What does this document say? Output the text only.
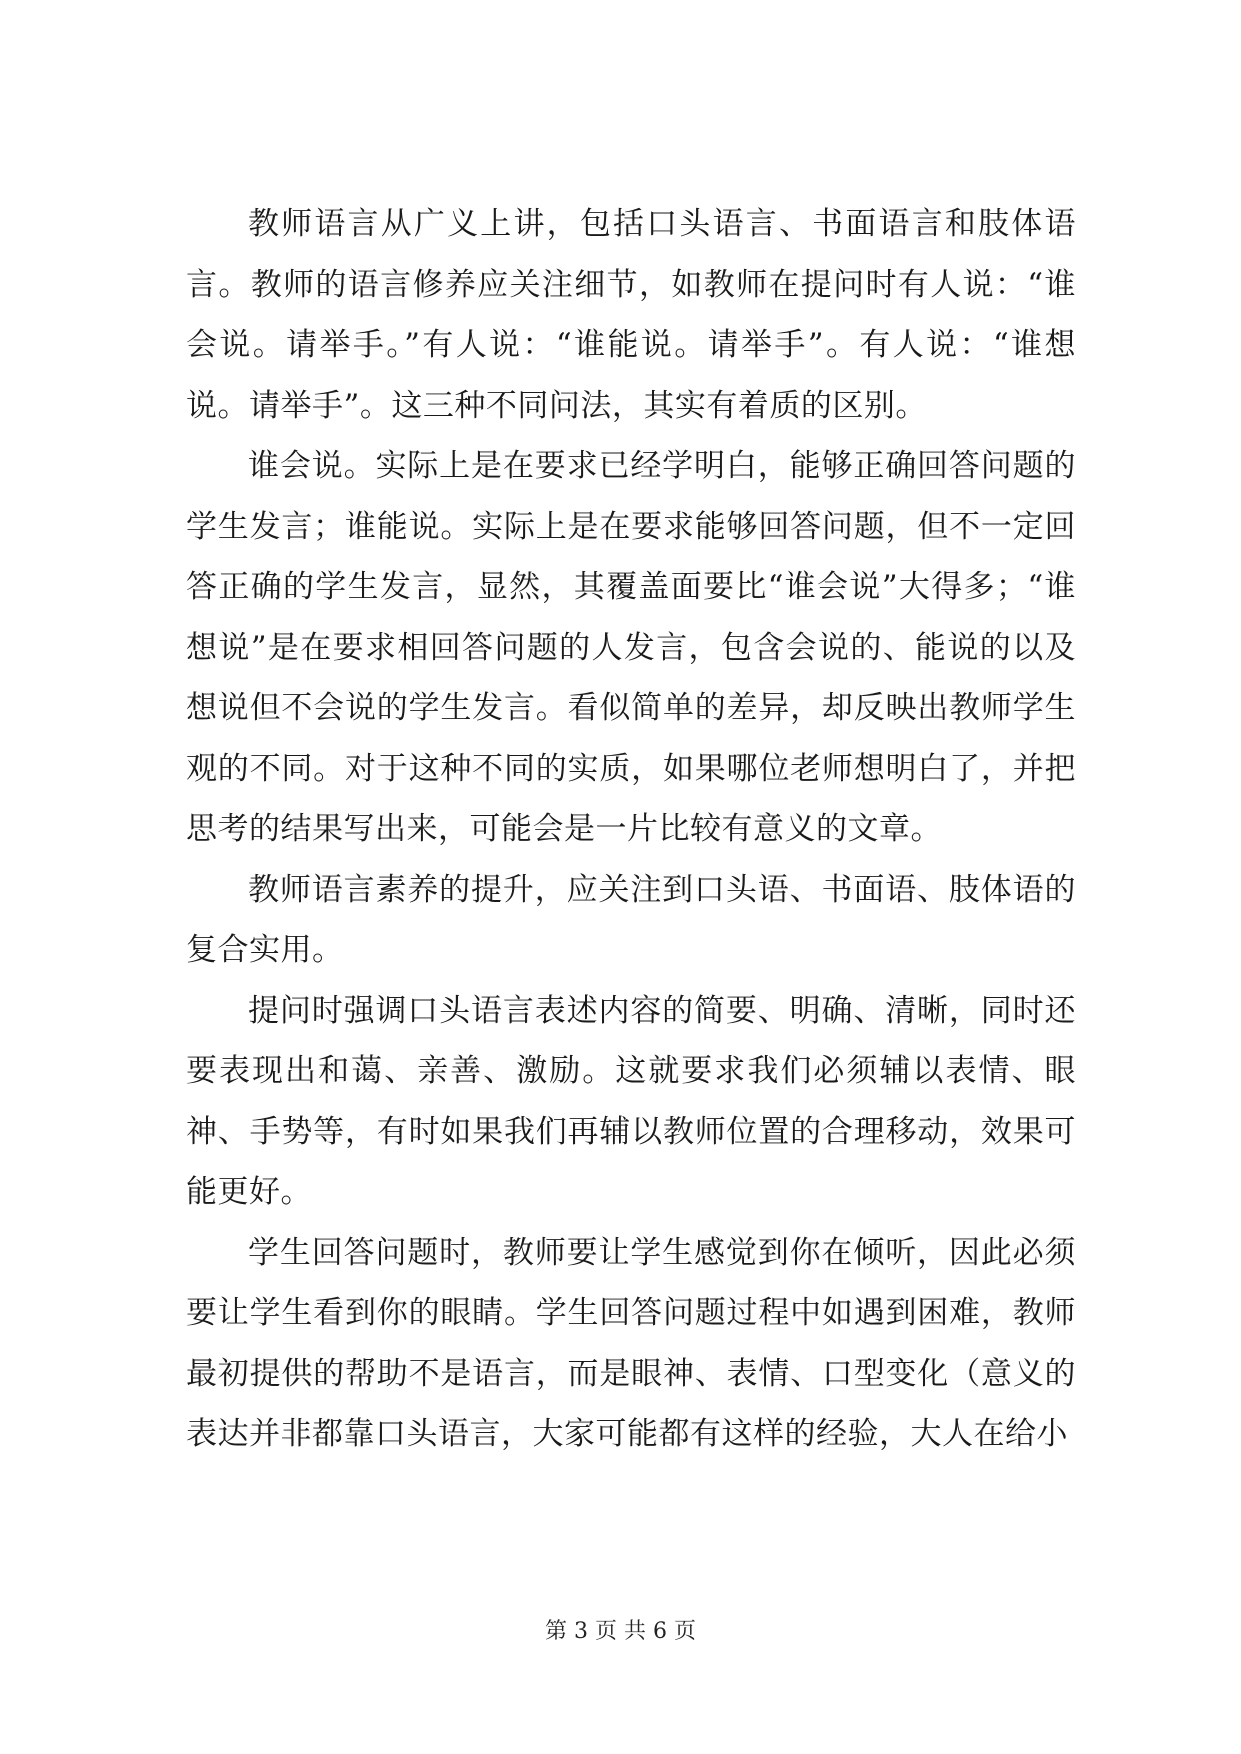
教师语言从广义上讲，包括口头语言、书面语言和肢体语言。教师的语言修养应关注细节，如教师在提问时有人说：“谁会说。请举手。”有人说：“谁能说。请举手”。有人说：“谁想说。请举手”。这三种不同问法，其实有着质的区别。

谁会说。实际上是在要求已经学明白，能够正确回答问题的学生发言；谁能说。实际上是在要求能够回答问题，但不一定回答正确的学生发言，显然，其覆盖面要比“谁会说”大得多；“谁想说”是在要求相回答问题的人发言，包含会说的、能说的以及想说但不会说的学生发言。看似简单的差异，却反映出教师学生观的不同。对于这种不同的实质，如果哪位老师想明白了，并把思考的结果写出来，可能会是一片比较有意义的文章。

教师语言素养的提升，应关注到口头语、书面语、肢体语的复合实用。

提问时强调口头语言表述内容的简要、明确、清晰，同时还要表现出和蔼、亲善、激励。这就要求我们必须辅以表情、眼神、手势等，有时如果我们再辅以教师位置的合理移动，效果可能更好。

学生回答问题时，教师要让学生感觉到你在倾听，因此必须要让学生看到你的眼睛。学生回答问题过程中如遇到困难，教师最初提供的帮助不是语言，而是眼神、表情、口型变化（意义的表达并非都靠口头语言，大家可能都有这样的经验，大人在给小

第 3 页 共 6 页
